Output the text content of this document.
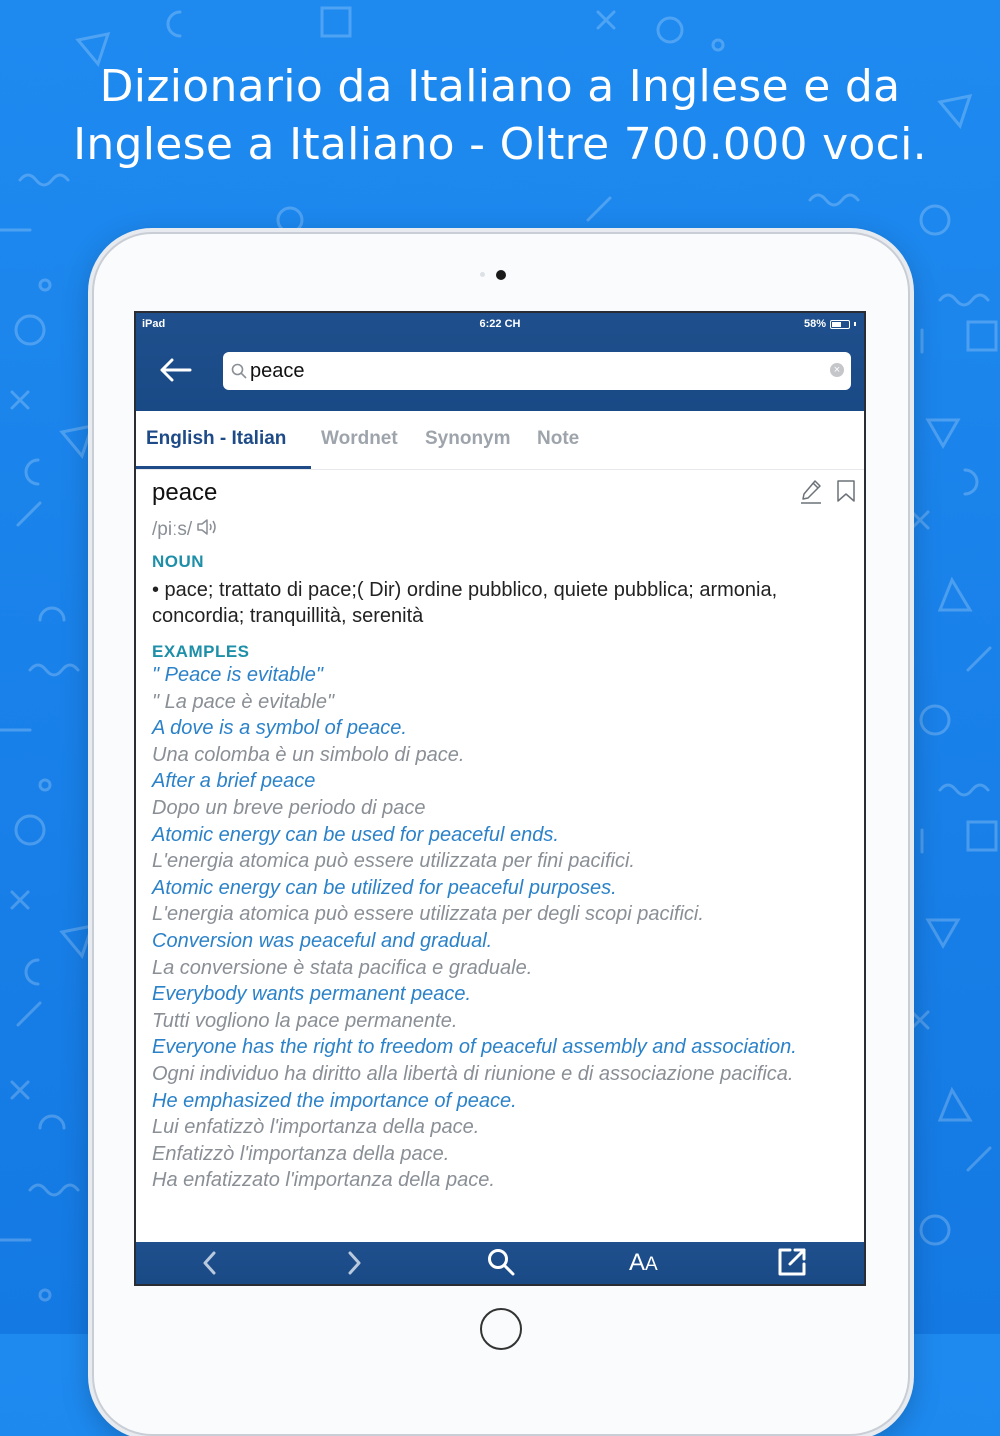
Dizionario da Italiano a Inglese e da
Inglese a Italiano - Oltre 700.000 voci.
iPad	6:22 CH	58%
peace	×
English - Italian Wordnet Synonym Note
peace
/piːs/
NOUN
• pace; trattato di pace;( Dir) ordine pubblico, quiete pubblica; armonia, concordia; tranquillità, serenità
EXAMPLES
" Peace is evitable"
" La pace è evitable"
A dove is a symbol of peace.
Una colomba è un simbolo di pace.
After a brief peace
Dopo un breve periodo di pace
Atomic energy can be used for peaceful ends.
L'energia atomica può essere utilizzata per fini pacifici.
Atomic energy can be utilized for peaceful purposes.
L'energia atomica può essere utilizzata per degli scopi pacifici.
Conversion was peaceful and gradual.
La conversione è stata pacifica e graduale.
Everybody wants permanent peace.
Tutti vogliono la pace permanente.
Everyone has the right to freedom of peaceful assembly and association.
Ogni individuo ha diritto alla libertà di riunione e di associazione pacifica.
He emphasized the importance of peace.
Lui enfatizzò l'importanza della pace.
Enfatizzò l'importanza della pace.
Ha enfatizzato l'importanza della pace.
AA
